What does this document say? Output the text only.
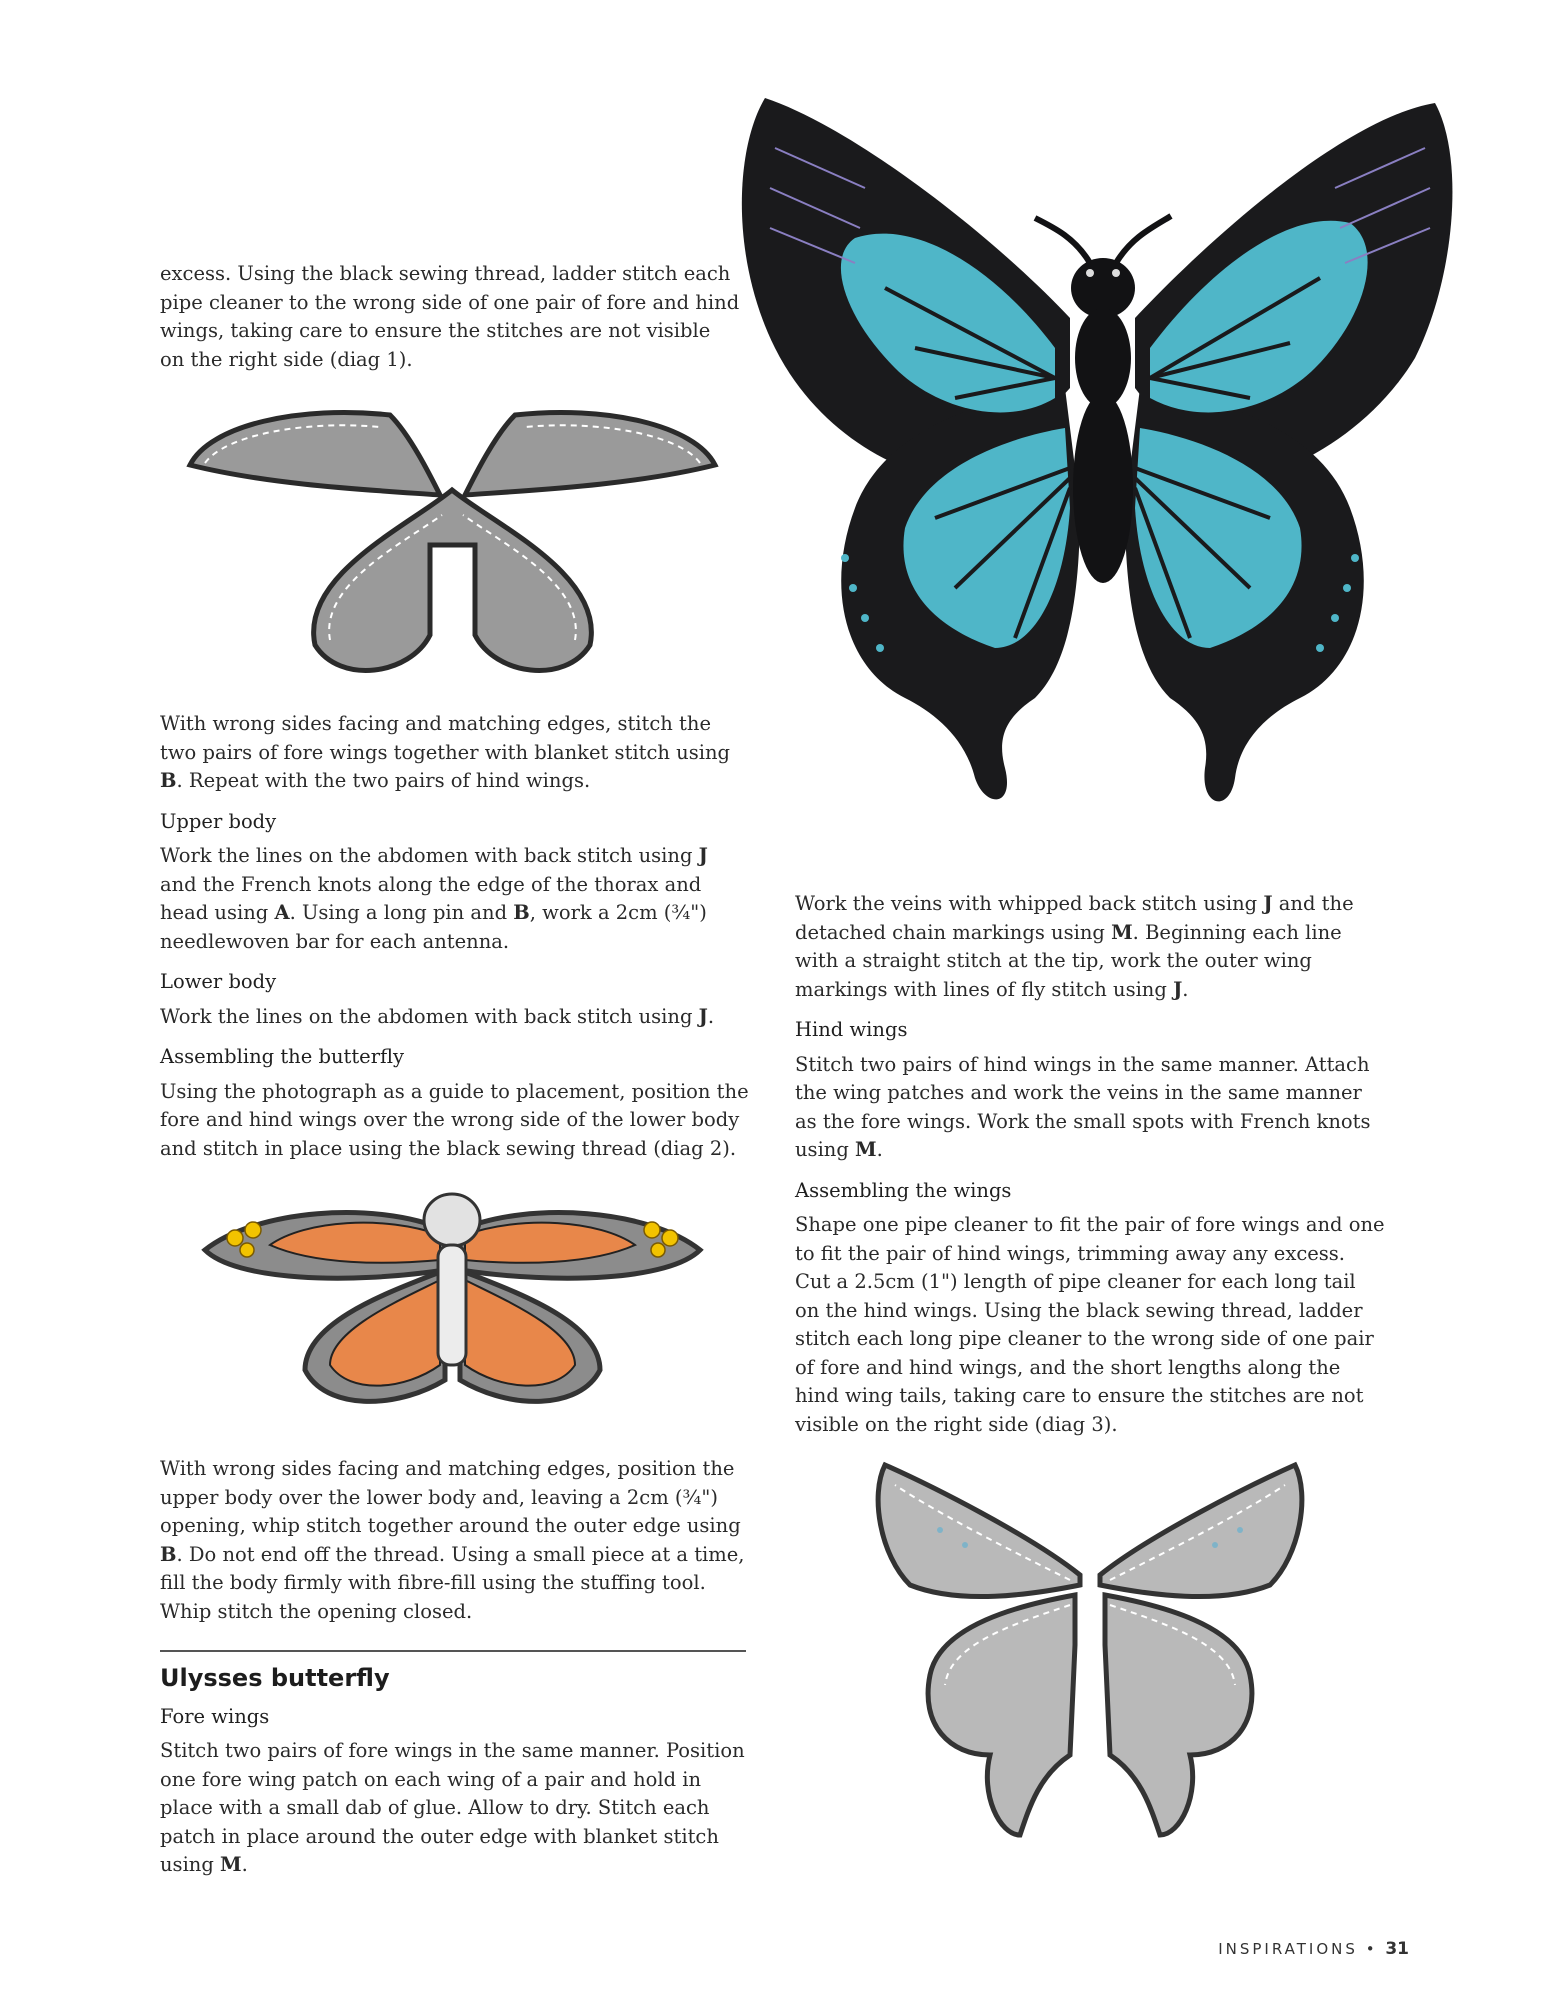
excess. Using the black sewing thread, ladder stitch each pipe cleaner to the wrong side of one pair of fore and hind wings, taking care to ensure the stitches are not visible on the right side (diag 1).

With wrong sides facing and matching edges, stitch the two pairs of fore wings together with blanket stitch using B. Repeat with the two pairs of hind wings.

Upper body

Work the lines on the abdomen with back stitch using J and the French knots along the edge of the thorax and head using A. Using a long pin and B, work a 2cm (¾") needlewoven bar for each antenna.

Lower body

Work the lines on the abdomen with back stitch using J.

Assembling the butterfly

Using the photograph as a guide to placement, position the fore and hind wings over the wrong side of the lower body and stitch in place using the black sewing thread (diag 2).

With wrong sides facing and matching edges, position the upper body over the lower body and, leaving a 2cm (¾") opening, whip stitch together around the outer edge using B. Do not end off the thread. Using a small piece at a time, fill the body firmly with fibre-fill using the stuffing tool. Whip stitch the opening closed.

Ulysses butterfly
Fore wings

Stitch two pairs of fore wings in the same manner. Position one fore wing patch on each wing of a pair and hold in place with a small dab of glue. Allow to dry. Stitch each patch in place around the outer edge with blanket stitch using M.

Work the veins with whipped back stitch using J and the detached chain markings using M. Beginning each line with a straight stitch at the tip, work the outer wing markings with lines of fly stitch using J.

Hind wings

Stitch two pairs of hind wings in the same manner. Attach the wing patches and work the veins in the same manner as the fore wings. Work the small spots with French knots using M.

Assembling the wings

Shape one pipe cleaner to fit the pair of fore wings and one to fit the pair of hind wings, trimming away any excess. Cut a 2.5cm (1") length of pipe cleaner for each long tail on the hind wings. Using the black sewing thread, ladder stitch each long pipe cleaner to the wrong side of one pair of fore and hind wings, and the short lengths along the hind wing tails, taking care to ensure the stitches are not visible on the right side (diag 3).

INSPIRATIONS • 31
